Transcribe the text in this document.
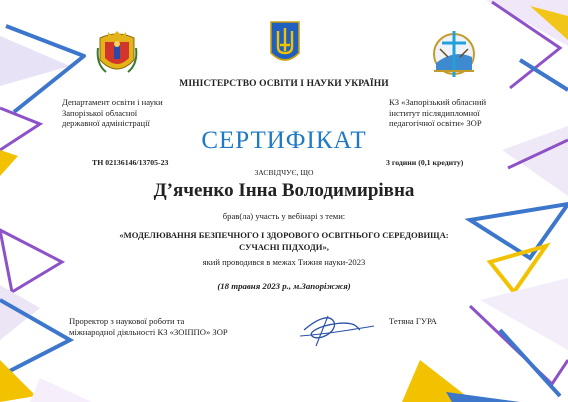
МІНІСТЕРСТВО ОСВІТИ І НАУКИ УКРАЇНИ
Департамент освіти і науки
Запорізької обласної
державної адміністрації
КЗ «Запорізький обласний
інститут післядипломної
педагогічної освіти» ЗОР
СЕРТИФІКАТ
ТН 02136146/13705-23	3 години (0,1 кредиту)
ЗАСВІДЧУЄ, ЩО
Д’яченко Інна Володимирівна
брав(ла) участь у вебінарі з теми:
«МОДЕЛЮВАННЯ БЕЗПЕЧНОГО І ЗДОРОВОГО ОСВІТНЬОГО СЕРЕДОВИЩА:
СУЧАСНІ ПІДХОДИ»,
який проводився в межах Тижня науки-2023
(18 травня 2023 р., м.Запоріжжя)
Проректор з наукової роботи та
міжнародної діяльності КЗ «ЗОІППО» ЗОР
Тетяна ГУРА
